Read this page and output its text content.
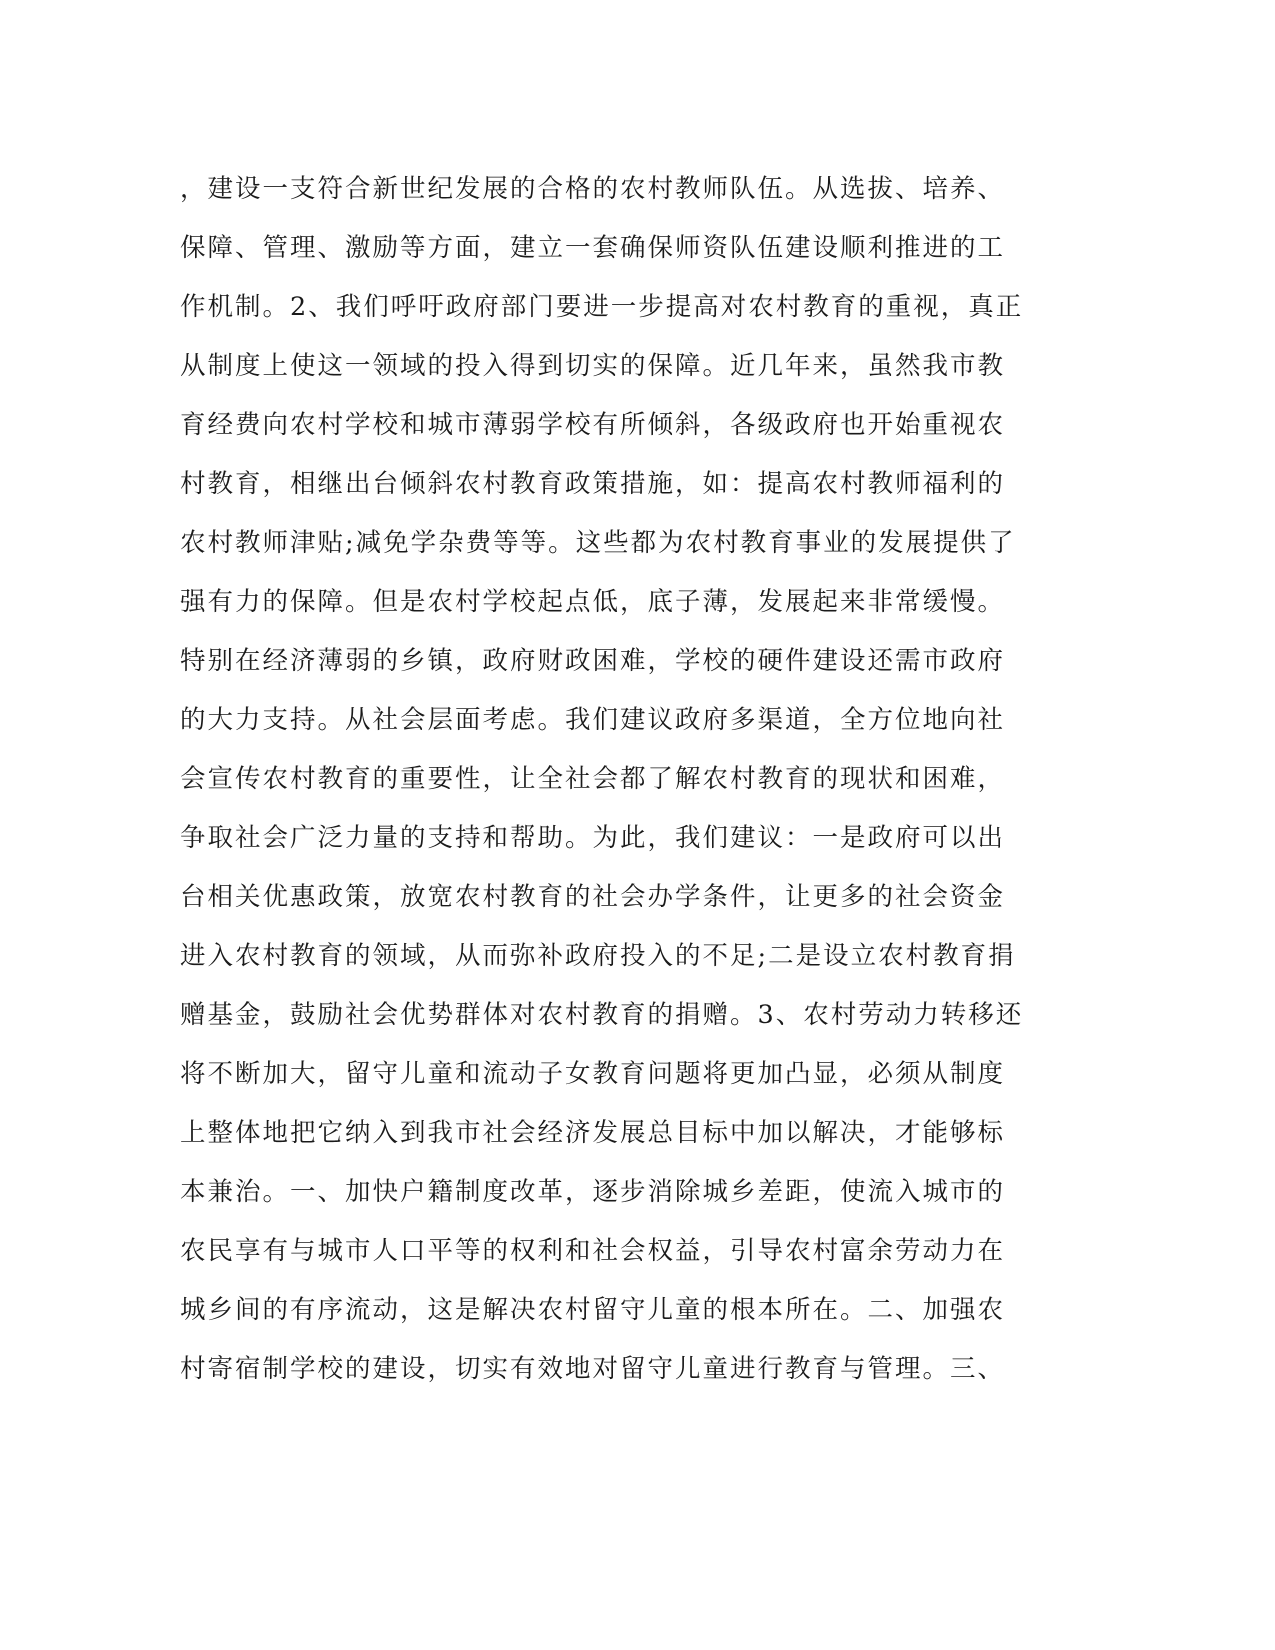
，建设一支符合新世纪发展的合格的农村教师队伍。从选拔、培养、
保障、管理、激励等方面，建立一套确保师资队伍建设顺利推进的工
作机制。2、我们呼吁政府部门要进一步提高对农村教育的重视，真正
从制度上使这一领域的投入得到切实的保障。近几年来，虽然我市教
育经费向农村学校和城市薄弱学校有所倾斜，各级政府也开始重视农
村教育，相继出台倾斜农村教育政策措施，如：提高农村教师福利的
农村教师津贴;减免学杂费等等。这些都为农村教育事业的发展提供了
强有力的保障。但是农村学校起点低，底子薄，发展起来非常缓慢。
特别在经济薄弱的乡镇，政府财政困难，学校的硬件建设还需市政府
的大力支持。从社会层面考虑。我们建议政府多渠道，全方位地向社
会宣传农村教育的重要性，让全社会都了解农村教育的现状和困难，
争取社会广泛力量的支持和帮助。为此，我们建议：一是政府可以出
台相关优惠政策，放宽农村教育的社会办学条件，让更多的社会资金
进入农村教育的领域，从而弥补政府投入的不足;二是设立农村教育捐
赠基金，鼓励社会优势群体对农村教育的捐赠。3、农村劳动力转移还
将不断加大，留守儿童和流动子女教育问题将更加凸显，必须从制度
上整体地把它纳入到我市社会经济发展总目标中加以解决，才能够标
本兼治。一、加快户籍制度改革，逐步消除城乡差距，使流入城市的
农民享有与城市人口平等的权利和社会权益，引导农村富余劳动力在
城乡间的有序流动，这是解决农村留守儿童的根本所在。二、加强农
村寄宿制学校的建设，切实有效地对留守儿童进行教育与管理。三、
